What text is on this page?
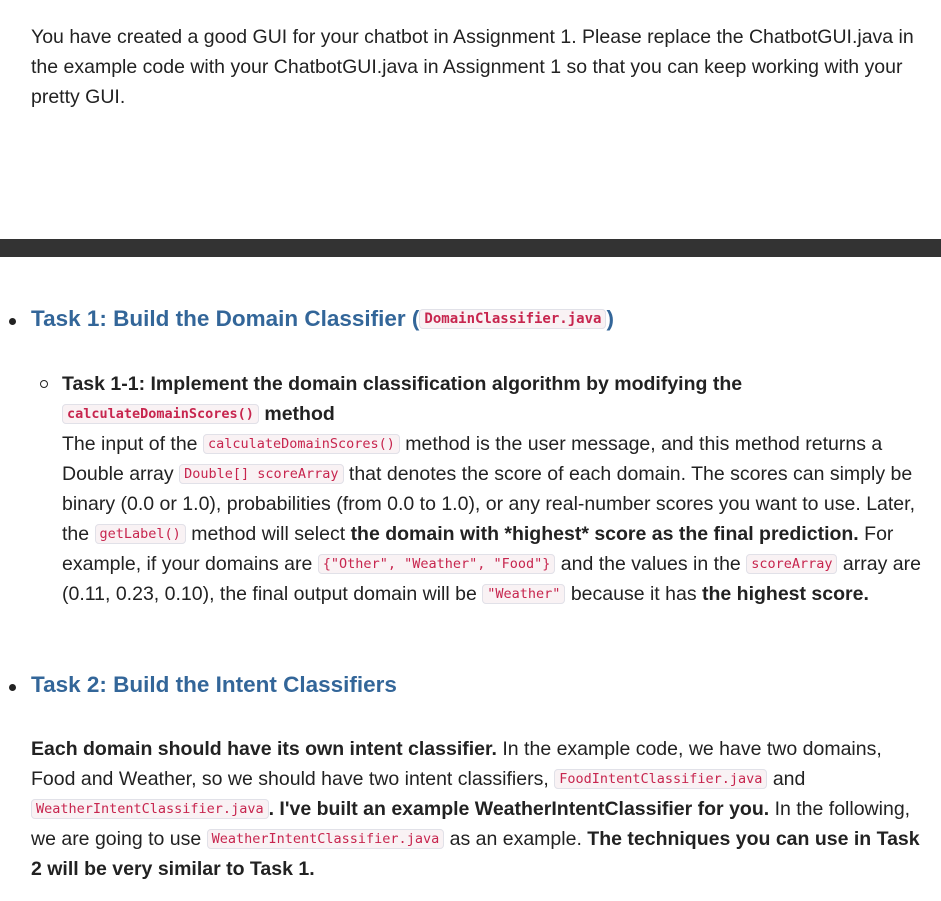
You have created a good GUI for your chatbot in Assignment 1. Please replace the ChatbotGUI.java in the example code with your ChatbotGUI.java in Assignment 1 so that you can keep working with your pretty GUI.

Task 1: Build the Domain Classifier ( DomainClassifier.java )
Task 1-1: Implement the domain classification algorithm by modifying the
calculateDomainScores() method
The input of the calculateDomainScores() method is the user message, and this method returns a Double array Double[] scoreArray that denotes the score of each domain. The scores can simply be binary (0.0 or 1.0), probabilities (from 0.0 to 1.0), or any real-number scores you want to use. Later, the getLabel() method will select the domain with *highest* score as the final prediction. For example, if your domains are {"Other", "Weather", "Food"} and the values in the scoreArray array are (0.11, 0.23, 0.10), the final output domain will be "Weather" because it has the highest score.
Task 2: Build the Intent Classifiers
Each domain should have its own intent classifier. In the example code, we have two domains, Food and Weather, so we should have two intent classifiers, FoodIntentClassifier.java and
WeatherIntentClassifier.java . I've built an example WeatherIntentClassifier for you. In the following, we are going to use WeatherIntentClassifier.java as an example. The techniques you can use in Task 2 will be very similar to Task 1.
